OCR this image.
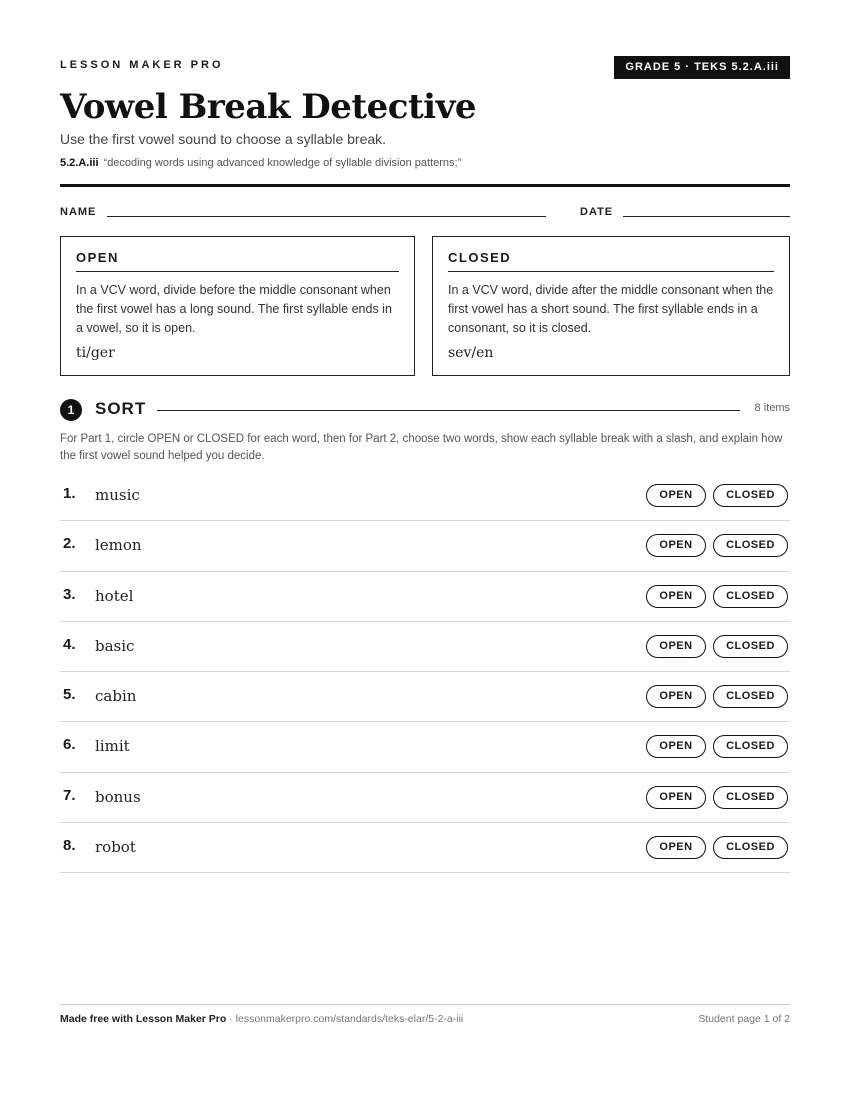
LESSON MAKER PRO	GRADE 5 · TEKS 5.2.A.iii
Vowel Break Detective
Use the first vowel sound to choose a syllable break.
5.2.A.iii “decoding words using advanced knowledge of syllable division patterns;”
NAME	DATE
OPEN
In a VCV word, divide before the middle consonant when the first vowel has a long sound. The first syllable ends in a vowel, so it is open.
ti/ger
CLOSED
In a VCV word, divide after the middle consonant when the first vowel has a short sound. The first syllable ends in a consonant, so it is closed.
sev/en
1	SORT	8 items
For Part 1, circle OPEN or CLOSED for each word, then for Part 2, choose two words, show each syllable break with a slash, and explain how the first vowel sound helped you decide.
1. music	OPEN	CLOSED
2. lemon	OPEN	CLOSED
3. hotel	OPEN	CLOSED
4. basic	OPEN	CLOSED
5. cabin	OPEN	CLOSED
6. limit	OPEN	CLOSED
7. bonus	OPEN	CLOSED
8. robot	OPEN	CLOSED
Made free with Lesson Maker Pro · lessonmakerpro.com/standards/teks-elar/5-2-a-iii	Student page 1 of 2
